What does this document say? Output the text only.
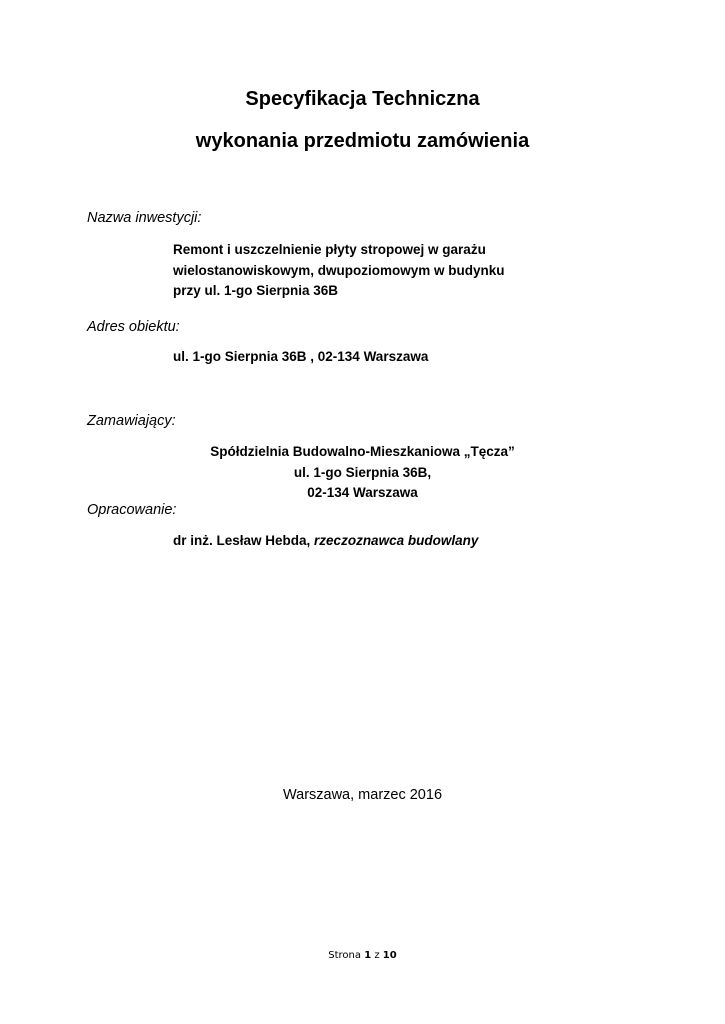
Specyfikacja Techniczna
wykonania przedmiotu zamówienia

Nazwa inwestycji:

Remont i uszczelnienie płyty stropowej w garażu
wielostanowiskowym, dwupoziomowym w budynku
przy ul. 1-go Sierpnia 36B

Adres obiektu:

ul. 1-go Sierpnia 36B , 02-134 Warszawa

Zamawiający:

Spółdzielnia Budowalno-Mieszkaniowa „Tęcza”
ul. 1-go Sierpnia 36B,
02-134 Warszawa

Opracowanie:

dr inż. Lesław Hebda, rzeczoznawca budowlany

Warszawa, marzec 2016

Strona 1 z 10
